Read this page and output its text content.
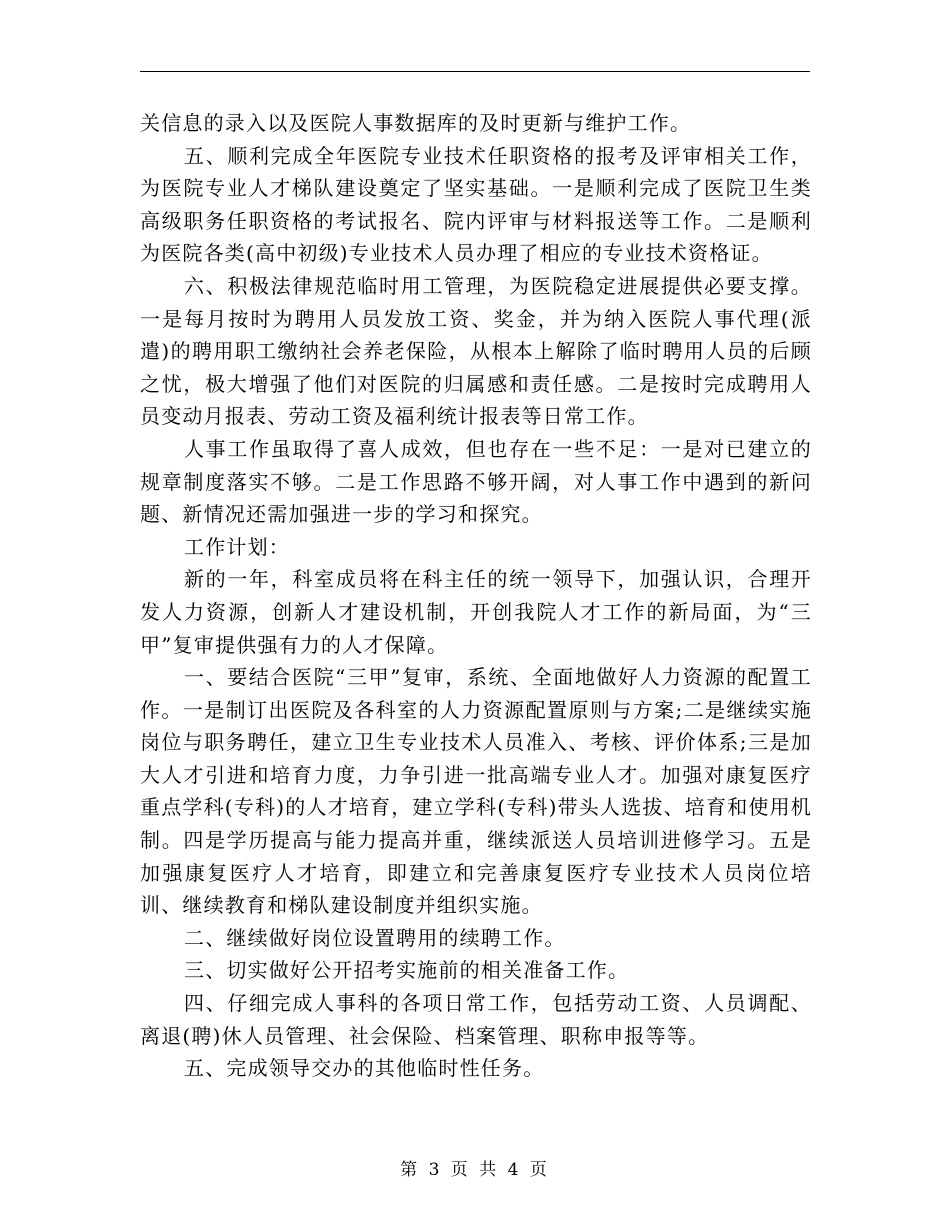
关信息的录入以及医院人事数据库的及时更新与维护工作。

五、顺利完成全年医院专业技术任职资格的报考及评审相关工作，为医院专业人才梯队建设奠定了坚实基础。一是顺利完成了医院卫生类高级职务任职资格的考试报名、院内评审与材料报送等工作。二是顺利为医院各类(高中初级)专业技术人员办理了相应的专业技术资格证。

六、积极法律规范临时用工管理，为医院稳定进展提供必要支撑。一是每月按时为聘用人员发放工资、奖金，并为纳入医院人事代理(派遣)的聘用职工缴纳社会养老保险，从根本上解除了临时聘用人员的后顾之忧，极大增强了他们对医院的归属感和责任感。二是按时完成聘用人员变动月报表、劳动工资及福利统计报表等日常工作。

人事工作虽取得了喜人成效，但也存在一些不足：一是对已建立的规章制度落实不够。二是工作思路不够开阔，对人事工作中遇到的新问题、新情况还需加强进一步的学习和探究。

工作计划：

新的一年，科室成员将在科主任的统一领导下，加强认识，合理开发人力资源，创新人才建设机制，开创我院人才工作的新局面，为“三甲”复审提供强有力的人才保障。

一、要结合医院“三甲”复审，系统、全面地做好人力资源的配置工作。一是制订出医院及各科室的人力资源配置原则与方案;二是继续实施岗位与职务聘任，建立卫生专业技术人员准入、考核、评价体系;三是加大人才引进和培育力度，力争引进一批高端专业人才。加强对康复医疗重点学科(专科)的人才培育，建立学科(专科)带头人选拔、培育和使用机制。四是学历提高与能力提高并重，继续派送人员培训进修学习。五是加强康复医疗人才培育，即建立和完善康复医疗专业技术人员岗位培训、继续教育和梯队建设制度并组织实施。

二、继续做好岗位设置聘用的续聘工作。

三、切实做好公开招考实施前的相关准备工作。

四、仔细完成人事科的各项日常工作，包括劳动工资、人员调配、离退(聘)休人员管理、社会保险、档案管理、职称申报等等。

五、完成领导交办的其他临时性任务。

第 3 页 共 4 页
